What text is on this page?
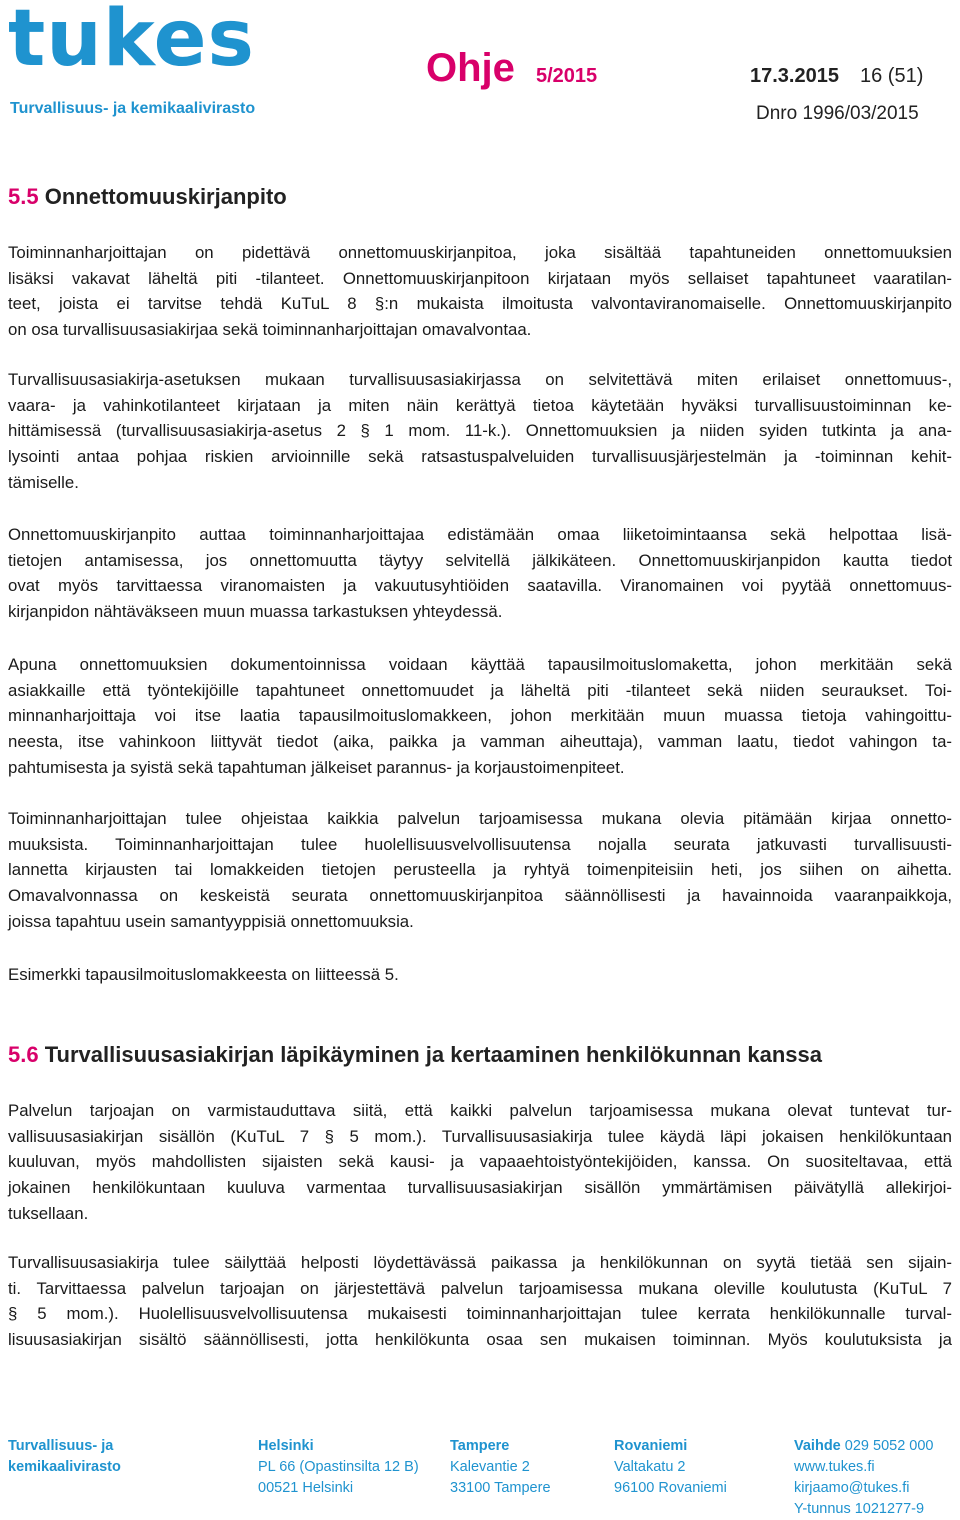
tukes
Turvallisuus- ja kemikaalivirasto
Ohje 5/2015	17.3.2015 16 (51)
Dnro 1996/03/2015
5.5 Onnettomuuskirjanpito

Toiminnanharjoittajan on pidettävä onnettomuuskirjanpitoa, joka sisältää tapahtuneiden onnettomuuksien
lisäksi vakavat läheltä piti -tilanteet. Onnettomuuskirjanpitoon kirjataan myös sellaiset tapahtuneet vaaratilan-
teet, joista ei tarvitse tehdä KuTuL 8 §:n mukaista ilmoitusta valvontaviranomaiselle. Onnettomuuskirjanpito
on osa turvallisuusasiakirjaa sekä toiminnanharjoittajan omavalvontaa.

Turvallisuusasiakirja-asetuksen mukaan turvallisuusasiakirjassa on selvitettävä miten erilaiset onnettomuus-,
vaara- ja vahinkotilanteet kirjataan ja miten näin kerättyä tietoa käytetään hyväksi turvallisuustoiminnan ke-
hittämisessä (turvallisuusasiakirja-asetus 2 § 1 mom. 11-k.). Onnettomuuksien ja niiden syiden tutkinta ja ana-
lysointi antaa pohjaa riskien arvioinnille sekä ratsastuspalveluiden turvallisuusjärjestelmän ja -toiminnan kehit-
tämiselle.

Onnettomuuskirjanpito auttaa toiminnanharjoittajaa edistämään omaa liiketoimintaansa sekä helpottaa lisä-
tietojen antamisessa, jos onnettomuutta täytyy selvitellä jälkikäteen. Onnettomuuskirjanpidon kautta tiedot
ovat myös tarvittaessa viranomaisten ja vakuutusyhtiöiden saatavilla. Viranomainen voi pyytää onnettomuus-
kirjanpidon nähtäväkseen muun muassa tarkastuksen yhteydessä.

Apuna onnettomuuksien dokumentoinnissa voidaan käyttää tapausilmoituslomaketta, johon merkitään sekä
asiakkaille että työntekijöille tapahtuneet onnettomuudet ja läheltä piti -tilanteet sekä niiden seuraukset. Toi-
minnanharjoittaja voi itse laatia tapausilmoituslomakkeen, johon merkitään muun muassa tietoja vahingoittu-
neesta, itse vahinkoon liittyvät tiedot (aika, paikka ja vamman aiheuttaja), vamman laatu, tiedot vahingon ta-
pahtumisesta ja syistä sekä tapahtuman jälkeiset parannus- ja korjaustoimenpiteet.

Toiminnanharjoittajan tulee ohjeistaa kaikkia palvelun tarjoamisessa mukana olevia pitämään kirjaa onnetto-
muuksista. Toiminnanharjoittajan tulee huolellisuusvelvollisuutensa nojalla seurata jatkuvasti turvallisuusti-
lannetta kirjausten tai lomakkeiden tietojen perusteella ja ryhtyä toimenpiteisiin heti, jos siihen on aihetta.
Omavalvonnassa on keskeistä seurata onnettomuuskirjanpitoa säännöllisesti ja havainnoida vaaranpaikkoja,
joissa tapahtuu usein samantyyppisiä onnettomuuksia.

Esimerkki tapausilmoituslomakkeesta on liitteessä 5.

5.6 Turvallisuusasiakirjan läpikäyminen ja kertaaminen henkilökunnan kanssa

Palvelun tarjoajan on varmistauduttava siitä, että kaikki palvelun tarjoamisessa mukana olevat tuntevat tur-
vallisuusasiakirjan sisällön (KuTuL 7 § 5 mom.). Turvallisuusasiakirja tulee käydä läpi jokaisen henkilökuntaan
kuuluvan, myös mahdollisten sijaisten sekä kausi- ja vapaaehtoistyöntekijöiden, kanssa. On suositeltavaa, että
jokainen henkilökuntaan kuuluva varmentaa turvallisuusasiakirjan sisällön ymmärtämisen päivätyllä allekirjoi-
tuksellaan.

Turvallisuusasiakirja tulee säilyttää helposti löydettävässä paikassa ja henkilökunnan on syytä tietää sen sijain-
ti. Tarvittaessa palvelun tarjoajan on järjestettävä palvelun tarjoamisessa mukana oleville koulutusta (KuTuL 7
§ 5 mom.). Huolellisuusvelvollisuutensa mukaisesti toiminnanharjoittajan tulee kerrata henkilökunnalle turval-
lisuusasiakirjan sisältö säännöllisesti, jotta henkilökunta osaa sen mukaisen toiminnan. Myös koulutuksista ja

Turvallisuus- ja
kemikaalivirasto
Helsinki
PL 66 (Opastinsilta 12 B)
00521 Helsinki
Tampere
Kalevantie 2
33100 Tampere
Rovaniemi
Valtakatu 2
96100 Rovaniemi
Vaihde 029 5052 000
www.tukes.fi
kirjaamo@tukes.fi
Y-tunnus 1021277-9
